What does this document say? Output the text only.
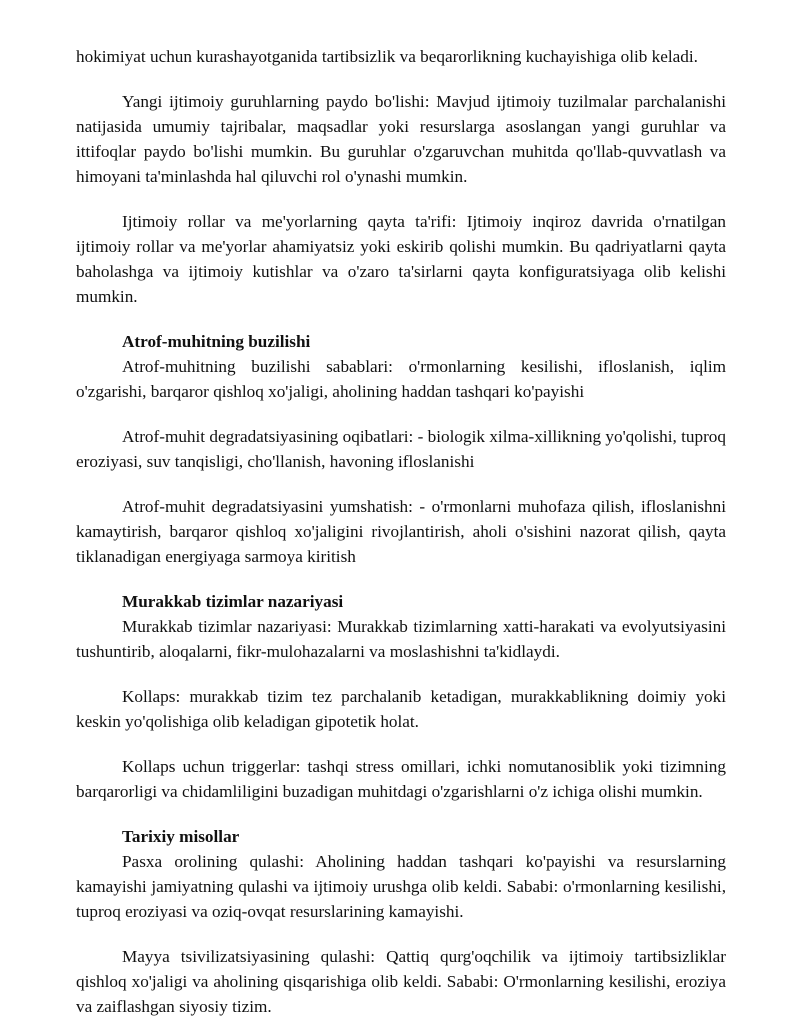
hokimiyat uchun kurashayotganida tartibsizlik va beqarorlikning kuchayishiga olib keladi.

Yangi ijtimoiy guruhlarning paydo bo'lishi: Mavjud ijtimoiy tuzilmalar parchalanishi natijasida umumiy tajribalar, maqsadlar yoki resurslarga asoslangan yangi guruhlar va ittifoqlar paydo bo'lishi mumkin. Bu guruhlar o'zgaruvchan muhitda qo'llab-quvvatlash va himoyani ta'minlashda hal qiluvchi rol o'ynashi mumkin.

Ijtimoiy rollar va me'yorlarning qayta ta'rifi: Ijtimoiy inqiroz davrida o'rnatilgan ijtimoiy rollar va me'yorlar ahamiyatsiz yoki eskirib qolishi mumkin. Bu qadriyatlarni qayta baholashga va ijtimoiy kutishlar va o'zaro ta'sirlarni qayta konfiguratsiyaga olib kelishi mumkin.

Atrof-muhitning buzilishi

Atrof-muhitning buzilishi sabablari: o'rmonlarning kesilishi, ifloslanish, iqlim o'zgarishi, barqaror qishloq xo'jaligi, aholining haddan tashqari ko'payishi

Atrof-muhit degradatsiyasining oqibatlari: - biologik xilma-xillikning yo'qolishi, tuproq eroziyasi, suv tanqisligi, cho'llanish, havoning ifloslanishi

Atrof-muhit degradatsiyasini yumshatish: - o'rmonlarni muhofaza qilish, ifloslanishni kamaytirish, barqaror qishloq xo'jaligini rivojlantirish, aholi o'sishini nazorat qilish, qayta tiklanadigan energiyaga sarmoya kiritish

Murakkab tizimlar nazariyasi

Murakkab tizimlar nazariyasi: Murakkab tizimlarning xatti-harakati va evolyutsiyasini tushuntirib, aloqalarni, fikr-mulohazalarni va moslashishni ta'kidlaydi.

Kollaps: murakkab tizim tez parchalanib ketadigan, murakkablikning doimiy yoki keskin yo'qolishiga olib keladigan gipotetik holat.

Kollaps uchun triggerlar: tashqi stress omillari, ichki nomutanosiblik yoki tizimning barqarorligi va chidamliligini buzadigan muhitdagi o'zgarishlarni o'z ichiga olishi mumkin.

Tarixiy misollar

Pasxa orolining qulashi: Aholining haddan tashqari ko'payishi va resurslarning kamayishi jamiyatning qulashi va ijtimoiy urushga olib keldi. Sababi: o'rmonlarning kesilishi, tuproq eroziyasi va oziq-ovqat resurslarining kamayishi.

Mayya tsivilizatsiyasining qulashi: Qattiq qurg'oqchilik va ijtimoiy tartibsizliklar qishloq xo'jaligi va aholining qisqarishiga olib keldi. Sababi: O'rmonlarning kesilishi, eroziya va zaiflashgan siyosiy tizim.
